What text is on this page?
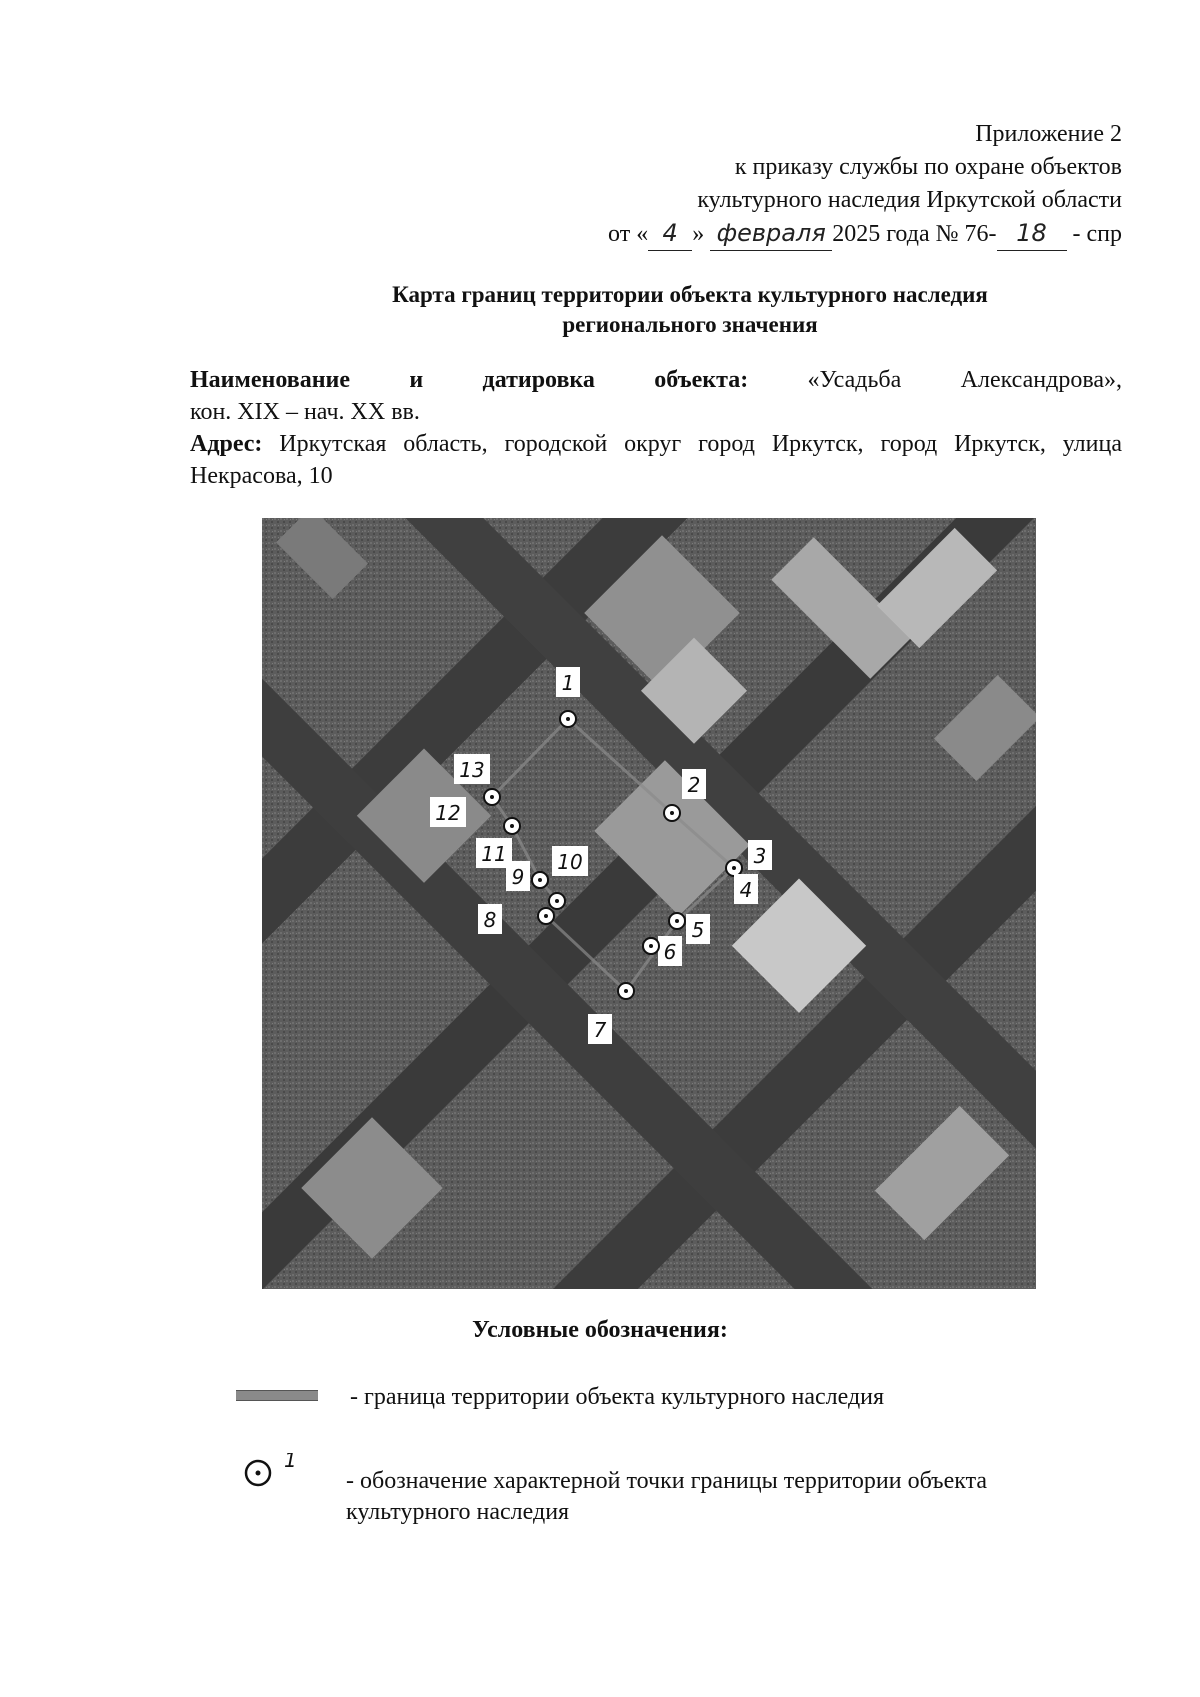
Приложение 2
к приказу службы по охране объектов
культурного наследия Иркутской области
от « 4 » февраля 2025 года № 76- 18 - спр
Карта границ территории объекта культурного наследия
регионального значения

Наименование и датировка объекта: «Усадьба Александрова»,

кон. XIX – нач. XX вв.

Адрес: Иркутская область, городской округ город Иркутск, город Иркутск, улица Некрасова, 10

1
2
3
4
5
6
7
8
9
10
11
12
13
Условные обозначения:
- граница территории объекта культурного наследия
1
- обозначение характерной точки границы территории объекта культурного наследия
